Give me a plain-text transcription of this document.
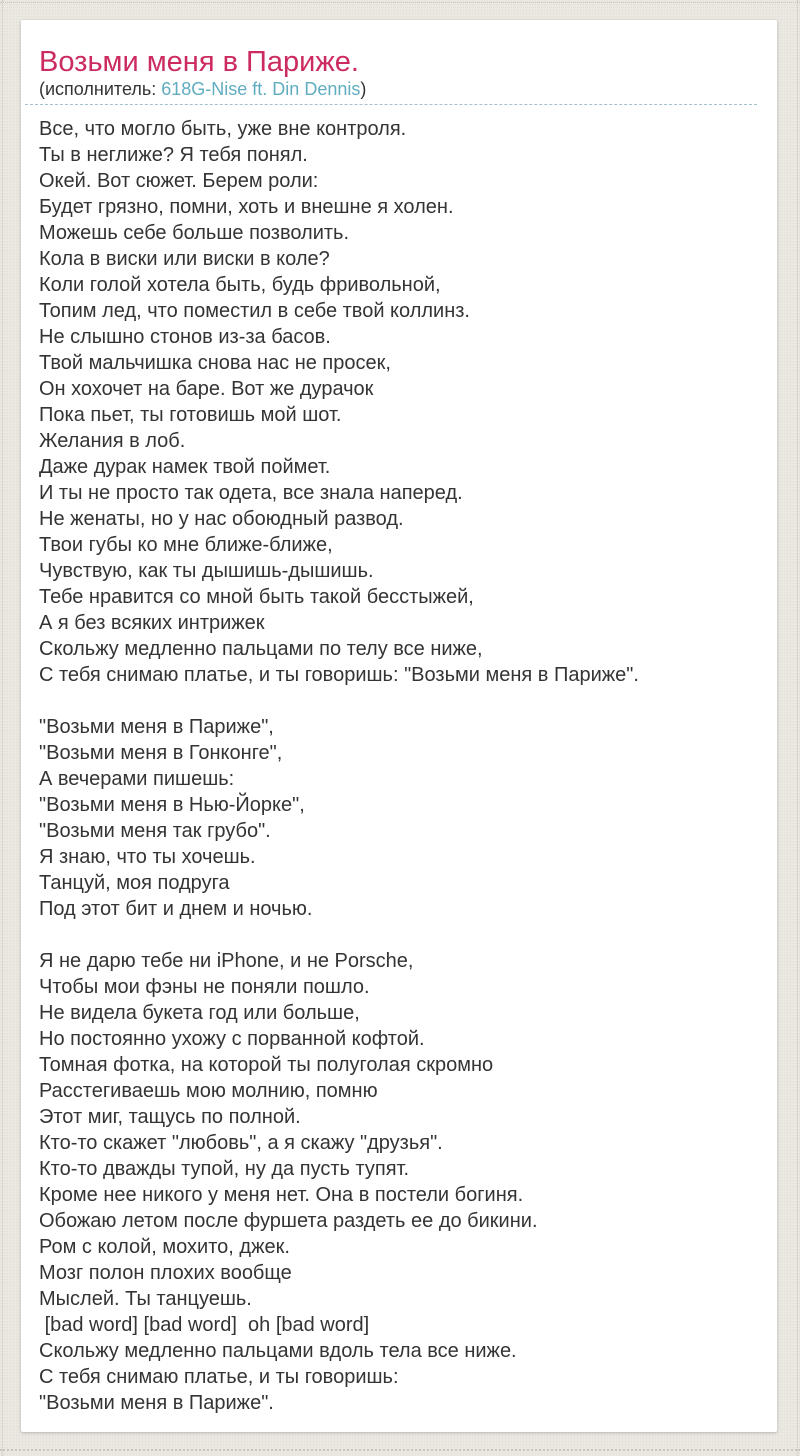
Возьми меня в Париже.
(исполнитель: 618G-Nise ft. Din Dennis)
Все, что могло быть, уже вне контроля.
Ты в неглиже? Я тебя понял.
Окей. Вот сюжет. Берем роли:
Будет грязно, помни, хоть и внешне я холен.
Можешь себе больше позволить.
Кола в виски или виски в коле?
Коли голой хотела быть, будь фривольной,
Топим лед, что поместил в себе твой коллинз.
Не слышно стонов из-за басов.
Твой мальчишка снова нас не просек,
Он хохочет на баре. Вот же дурачок
Пока пьет, ты готовишь мой шот.
Желания в лоб.
Даже дурак намек твой поймет.
И ты не просто так одета, все знала наперед.
Не женаты, но у нас обоюдный развод.
Твои губы ко мне ближе-ближе,
Чувствую, как ты дышишь-дышишь.
Тебе нравится со мной быть такой бесстыжей,
А я без всяких интрижек
Скольжу медленно пальцами по телу все ниже,
С тебя снимаю платье, и ты говоришь: "Возьми меня в Париже".

"Возьми меня в Париже",
"Возьми меня в Гонконге",
А вечерами пишешь:
"Возьми меня в Нью-Йорке",
"Возьми меня так грубо".
Я знаю, что ты хочешь.
Танцуй, моя подруга
Под этот бит и днем и ночью.

Я не дарю тебе ни iPhone, и не Porsche,
Чтобы мои фэны не поняли пошло.
Не видела букета год или больше,
Но постоянно ухожу с порванной кофтой.
Томная фотка, на которой ты полуголая скромно
Расстегиваешь мою молнию, помню
Этот миг, тащусь по полной.
Кто-то скажет "любовь", а я скажу "друзья".
Кто-то дважды тупой, ну да пусть тупят.
Кроме нее никого у меня нет. Она в постели богиня.
Обожаю летом после фуршета раздеть ее до бикини.
Ром с колой, мохито, джек.
Мозг полон плохих вообще
Мыслей. Ты танцуешь.
[bad word] [bad word]  oh [bad word]
Скольжу медленно пальцами вдоль тела все ниже.
С тебя снимаю платье, и ты говоришь:
"Возьми меня в Париже".
